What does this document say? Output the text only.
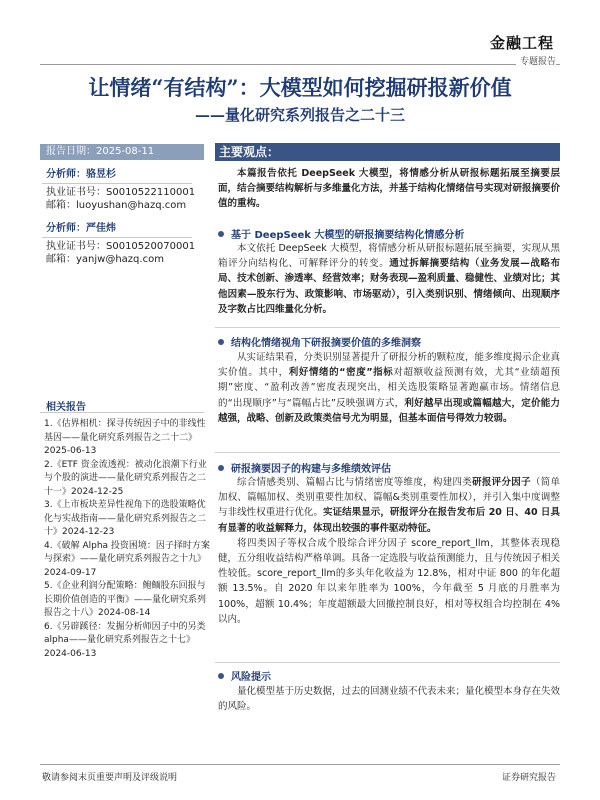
金融工程
专题报告
让情绪“有结构”：大模型如何挖掘研报新价值
——量化研究系列报告之二十三
报告日期：2025-08-11
分析师：骆昱杉
执业证书号：S0010522110001
邮箱：luoyushan@hazq.com
分析师：严佳炜
执业证书号：S0010520070001
邮箱：yanjw@hazq.com
相关报告
1.《估界相机：探寻传统因子中的非线性基因——量化研究系列报告之二十二》2025-06-13
2.《ETF 资金流透视：被动化浪潮下行业与个股的演进——量化研究系列报告之二十一》2024-12-25
3.《上市板块差异性视角下的选股策略优化与实战指南——量化研究系列报告之二十》2024-12-23
4.《破解 Alpha 投资困境：因子择时方案与探索》——量化研究系列报告之十九》2024-09-17
5.《企业利润分配策略：鲍鲕股东回报与长期价值创造的平衡》——量化研究系列报告之十八》2024-08-14
6.《另辟蹊径：发掘分析师因子中的另类 alpha——量化研究系列报告之十七》2024-06-13
主要观点：

本篇报告依托 DeepSeek 大模型，将情感分析从研报标题拓展至摘要层面，结合摘要结构解析与多维量化方法，并基于结构化情绪信号实现对研报摘要价值的重构。

基于 DeepSeek 大模型的研报摘要结构化情感分析

本文依托 DeepSeek 大模型，将情感分析从研报标题拓展至摘要，实现从黑箱评分向结构化、可解释评分的转变。通过拆解摘要结构（业务发展—战略布局、技术创新、渗透率、经营效率；财务表现—盈利质量、稳健性、业绩对比；其他因素—股东行为、政策影响、市场驱动），引入类别识别、情绪倾向、出现顺序及字数占比四维量化分析。

结构化情绪视角下研报摘要价值的多维洞察

从实证结果看，分类识别显著提升了研报分析的颗粒度，能多维度揭示企业真实价值。其中，利好情绪的“密度”指标对超额收益预测有效，尤其“业绩超预期”密度、“盈利改善”密度表现突出，相关选股策略显著跑赢市场。情绪信息的“出现顺序”与“篇幅占比”反映强调方式，利好越早出现或篇幅越大，定价能力越强，战略、创新及政策类信号尤为明显，但基本面信号得效力较弱。

研报摘要因子的构建与多维绩效评估

综合情感类别、篇幅占比与情绪密度等维度，构建四类研报评分因子（简单加权、篇幅加权、类别重要性加权、篇幅&类别重要性加权），并引入集中度调整与非线性权重进行优化。实证结果显示，研报评分在报告发布后 20 日、40 日具有显著的收益解释力，体现出较强的事件驱动特征。

将四类因子等权合成个股综合评分因子 score_report_llm，其整体表现稳健，五分组收益结构严格单调。具备一定选股与收益预测能力，且与传统因子相关性较低。score_report_llm的多头年化收益为 12.8%，相对中证 800 的年化超额 13.5%。自 2020 年以来年胜率为 100%，今年截至 5 月底的月胜率为 100%，超额 10.4%；年度超额最大回撤控制良好，相对等权组合均控制在 4%以内。

风险提示

量化模型基于历史数据，过去的回测业绩不代表未来；量化模型本身存在失效的风险。

敬请参阅末页重要声明及评级说明	证券研究报告
